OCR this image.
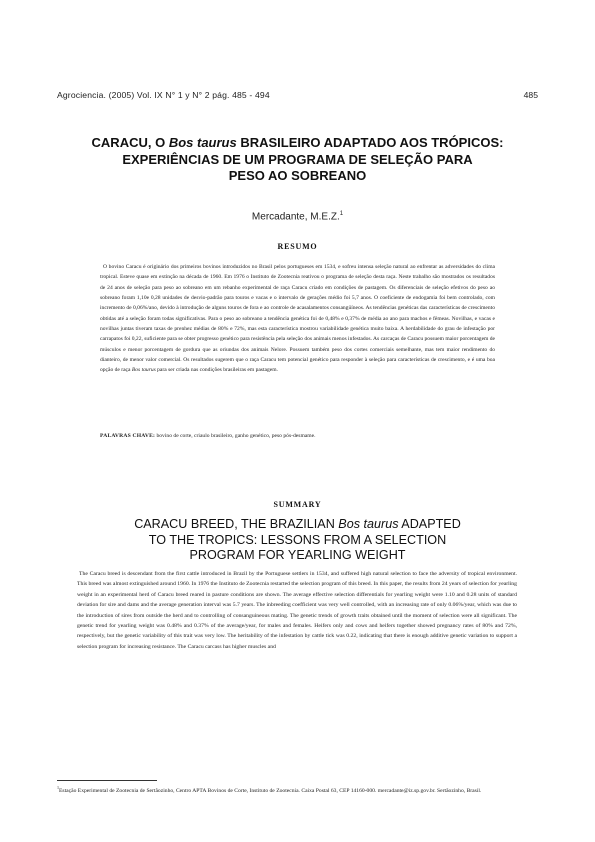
Agrociencia. (2005) Vol. IX N° 1 y N° 2 pág. 485 - 494	485
CARACU, O Bos taurus BRASILEIRO ADAPTADO AOS TRÓPICOS:
EXPERIÊNCIAS DE UM PROGRAMA DE SELEÇÃO PARA
PESO AO SOBREANO
Mercadante, M.E.Z.$^1$
RESUMO

O bovino Caracu é originário dos primeiros bovinos introduzidos no Brasil pelos portugueses em 1534, e sofreu intensa seleção natural ao enfrentar as adversidades do clima tropical. Esteve quase em extinção na década de 1960. Em 1976 o Instituto de Zootecnia reativou o programa de seleção desta raça. Neste trabalho são mostrados os resultados de 24 anos de seleção para peso ao sobreano em um rebanho experimental de raça Caracu criado em condições de pastagem. Os diferenciais de seleção efetivos do peso ao sobreano foram 1,10e 0,28 unidades de desvio-padrão para touros e vacas e o intervalo de gerações médio foi 5,7 anos. O coeficiente de endogamia foi bem controlado, com incremento de 0,06%/ano, devido à introdução de alguns touros de fora e ao controle de acasalamentos consangüíneos. As tendências genéticas das características de crescimento obtidas até a seleção foram todas significativas. Para o peso ao sobreano a tendência genética foi de 0,48% e 0,37% de média ao ano para machos e fêmeas. Novilhas, e vacas e novilhas juntas tiveram taxas de prenhez médias de 80% e 72%, mas esta característica mostrou variabilidade genética muito baixa. A herdabilidade do grau de infestação por carrapatos foi 0,22, suficiente para se obter progresso genético para resistência pela seleção dos animais menos infestados. As carcaças de Caracu possuem maior porcentagem de músculos e menor porcentagem de gordura que as oriundas dos animais Nelore. Possuem também peso dos cortes comerciais semelhante, mas tem maior rendimento do dianteiro, de menor valor comercial. Os resultados sugerem que o raça Caracu tem potencial genético para responder à seleção para características de crescimento, e é uma boa opção de raça Bos taurus para ser criada nas condições brasileiras em pastagem.

PALAVRAS CHAVE: bovino de corte, criaulo brasileiro, ganho genético, peso pós-desmame.
SUMMARY
CARACU BREED, THE BRAZILIAN Bos taurus ADAPTED
TO THE TROPICS: LESSONS FROM A SELECTION
PROGRAM FOR YEARLING WEIGHT

The Caracu breed is descendant from the first cattle introduced in Brazil by the Portuguese settlers in 1534, and suffered high natural selection to face the adversity of tropical environment. This breed was almost extinguished around 1960. In 1976 the Instituto de Zootecnia restarted the selection program of this breed. In this paper, the results from 24 years of selection for yearling weight in an experimental herd of Caracu breed reared in pasture conditions are shown. The average effective selection differentials for yearling weight were 1.10 and 0.28 units of standard deviation for sire and dams and the average generation interval was 5.7 years. The inbreeding coefficient was very well controlled, with an increasing rate of only 0.06%/year, which was due to the introduction of sires from outside the herd and to controlling of consanguineous mating. The genetic trends of growth traits obtained until the moment of selection were all significant. The genetic trend for yearling weight was 0.48% and 0.37% of the average/year, for males and females. Heifers only and cows and heifers together showed pregnancy rates of 80% and 72%, respectively, but the genetic variability of this trait was very low. The heritability of the infestation by cattle tick was 0.22, indicating that there is enough additive genetic variation to support a selection program for increasing resistance. The Caracu carcass has higher muscles and

$^1$Estação Experimental de Zootecnia de Sertãozinho, Centro APTA Bovinos de Corte, Instituto de Zootecnia. Caixa Postal 63, CEP 14160-000. mercadante@iz.sp.gov.br. Sertãozinho, Brasil.
